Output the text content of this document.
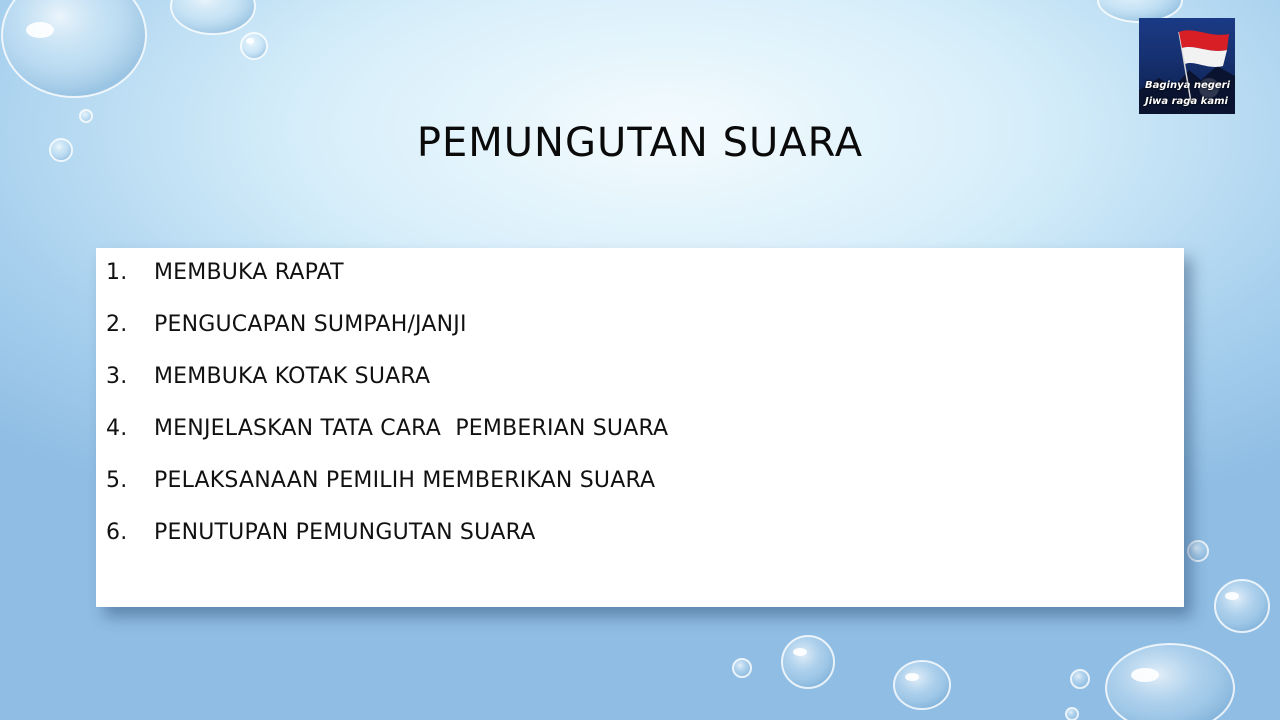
PEMUNGUTAN SUARA
Baginya negeri
Jiwa raga kami
1.	MEMBUKA RAPAT
2.	PENGUCAPAN SUMPAH/JANJI
3.	MEMBUKA KOTAK SUARA
4.	MENJELASKAN TATA CARA  PEMBERIAN SUARA
5.	PELAKSANAAN PEMILIH MEMBERIKAN SUARA
6.	PENUTUPAN PEMUNGUTAN SUARA
